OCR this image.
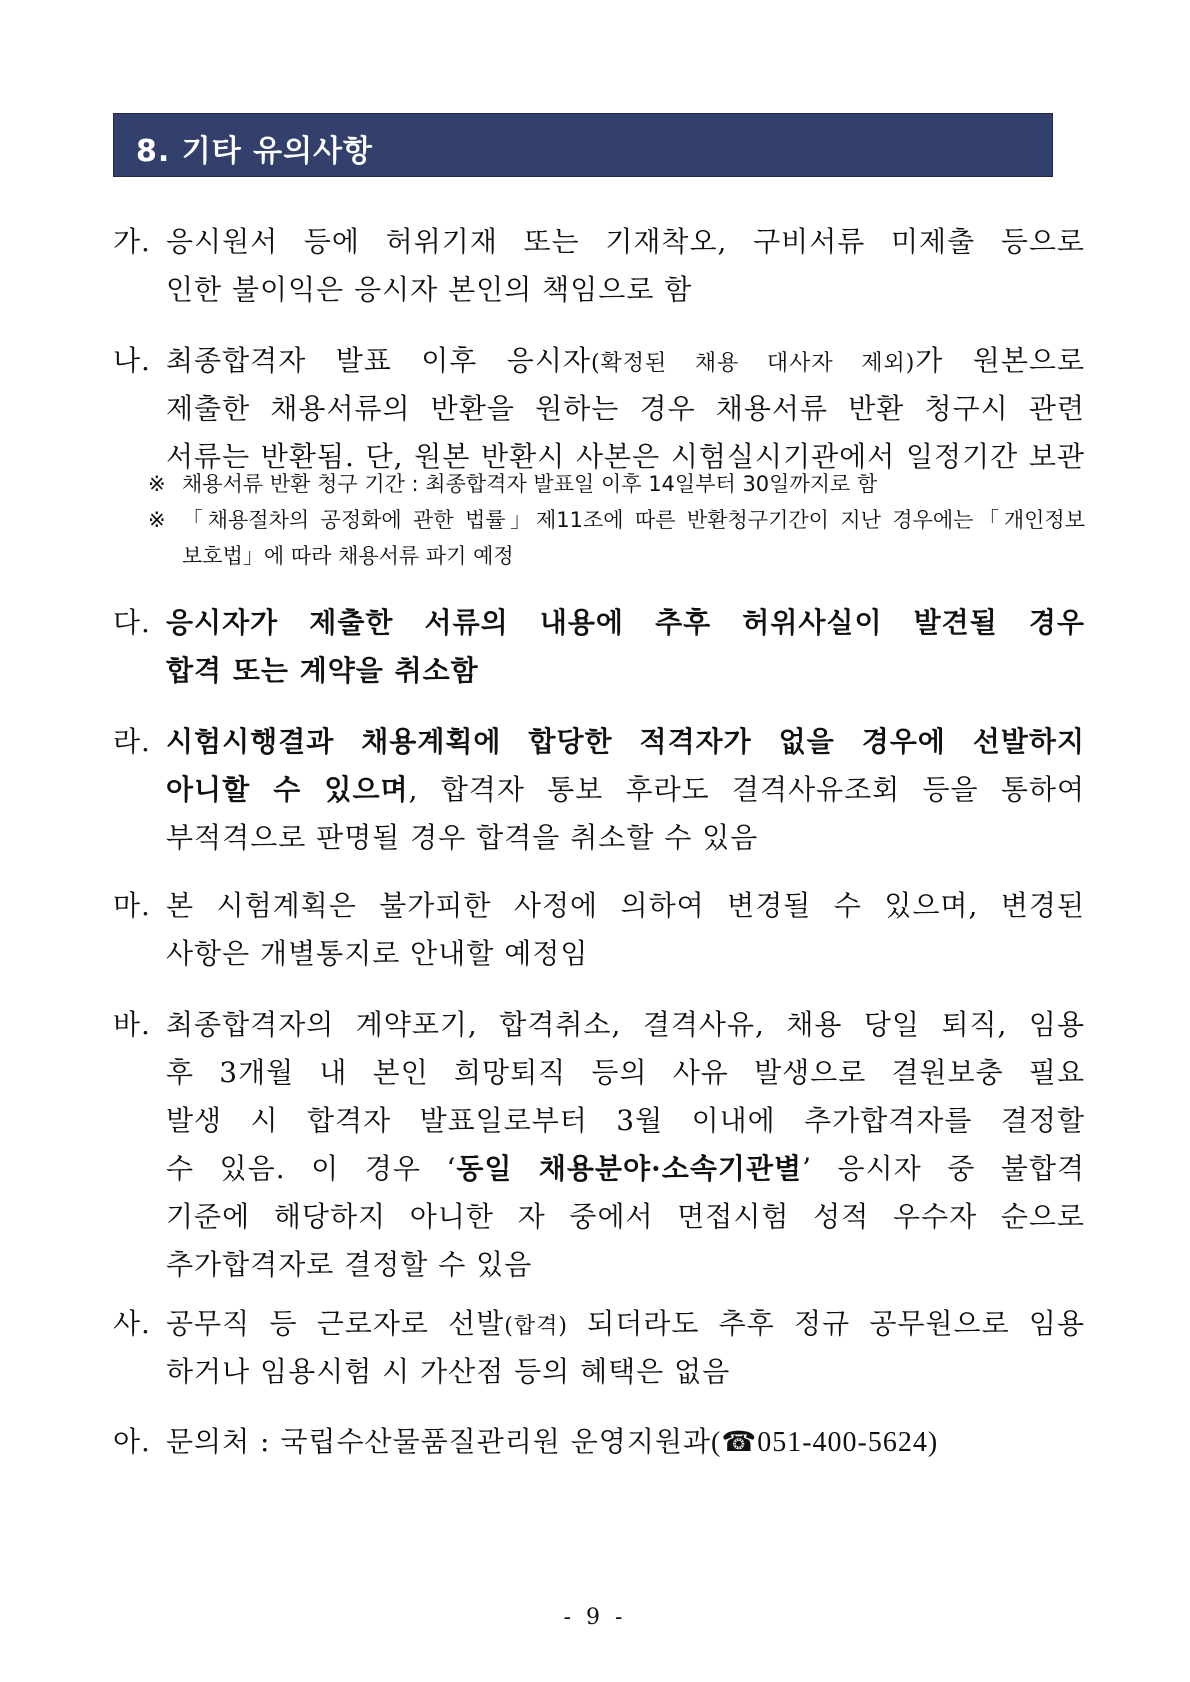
8. 기타 유의사항
가. 응시원서 등에 허위기재 또는 기재착오, 구비서류 미제출 등으로
인한 불이익은 응시자 본인의 책임으로 함
나. 최종합격자 발표 이후 응시자(확정된 채용 대사자 제외)가 원본으로
제출한 채용서류의 반환을 원하는 경우 채용서류 반환 청구시 관련
서류는 반환됨. 단, 원본 반환시 사본은 시험실시기관에서 일정기간 보관
※ 채용서류 반환 청구 기간 : 최종합격자 발표일 이후 14일부터 30일까지로 함
※ 「채용절차의 공정화에 관한 법률」제11조에 따른 반환청구기간이 지난 경우에는「개인정보
보호법」에 따라 채용서류 파기 예정
다. 응시자가 제출한 서류의 내용에 추후 허위사실이 발견될 경우
합격 또는 계약을 취소함
라. 시험시행결과 채용계획에 합당한 적격자가 없을 경우에 선발하지
아니할 수 있으며, 합격자 통보 후라도 결격사유조회 등을 통하여
부적격으로 판명될 경우 합격을 취소할 수 있음
마. 본 시험계획은 불가피한 사정에 의하여 변경될 수 있으며, 변경된
사항은 개별통지로 안내할 예정임
바. 최종합격자의 계약포기, 합격취소, 결격사유, 채용 당일 퇴직, 임용
후 3개월 내 본인 희망퇴직 등의 사유 발생으로 결원보충 필요
발생 시 합격자 발표일로부터 3월 이내에 추가합격자를 결정할
수 있음. 이 경우 ‘동일 채용분야·소속기관별’ 응시자 중 불합격
기준에 해당하지 아니한 자 중에서 면접시험 성적 우수자 순으로
추가합격자로 결정할 수 있음
사. 공무직 등 근로자로 선발(합격) 되더라도 추후 정규 공무원으로 임용
하거나 임용시험 시 가산점 등의 혜택은 없음
아. 문의처 : 국립수산물품질관리원 운영지원과(☎051-400-5624)
- 9 -
